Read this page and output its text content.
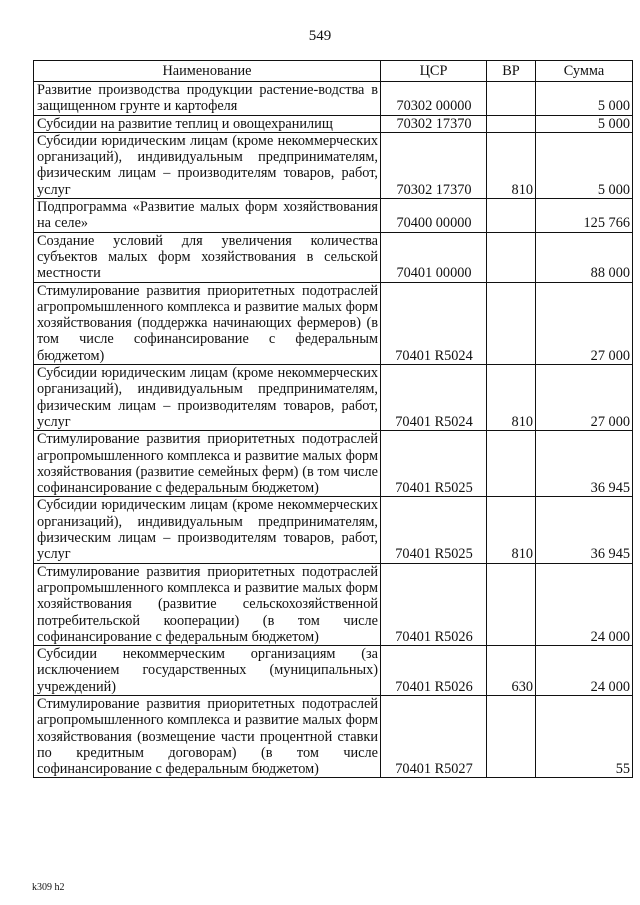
549
Наименование	ЦСР	ВР	Сумма
Развитие производства продукции растение-водства в защищенном грунте и картофеля	70302 00000		5 000
Субсидии на развитие теплиц и овощехранилищ	70302 17370		5 000
Субсидии юридическим лицам (кроме некоммерческих организаций), индивидуальным предпринимателям, физическим лицам – производителям товаров, работ, услуг	70302 17370	810	5 000
Подпрограмма «Развитие малых форм хозяйствования на селе»	70400 00000		125 766
Создание условий для увеличения количества субъектов малых форм хозяйствования в сельской местности	70401 00000		88 000
Стимулирование развития приоритетных подотраслей агропромышленного комплекса и развитие малых форм хозяйствования (поддержка начинающих фермеров) (в том числе софинансирование с федеральным бюджетом)	70401 R5024		27 000
Субсидии юридическим лицам (кроме некоммерческих организаций), индивидуальным предпринимателям, физическим лицам – производителям товаров, работ, услуг	70401 R5024	810	27 000
Стимулирование развития приоритетных подотраслей агропромышленного комплекса и развитие малых форм хозяйствования (развитие семейных ферм) (в том числе софинансирование с федеральным бюджетом)	70401 R5025		36 945
Субсидии юридическим лицам (кроме некоммерческих организаций), индивидуальным предпринимателям, физическим лицам – производителям товаров, работ, услуг	70401 R5025	810	36 945
Стимулирование развития приоритетных подотраслей агропромышленного комплекса и развитие малых форм хозяйствования (развитие сельскохозяйственной потребительской кооперации) (в том числе софинансирование с федеральным бюджетом)	70401 R5026		24 000
Субсидии некоммерческим организациям (за исключением государственных (муниципальных) учреждений)	70401 R5026	630	24 000
Стимулирование развития приоритетных подотраслей агропромышленного комплекса и развитие малых форм хозяйствования (возмещение части процентной ставки по кредитным договорам) (в том числе софинансирование с федеральным бюджетом)	70401 R5027		55
k309 h2
